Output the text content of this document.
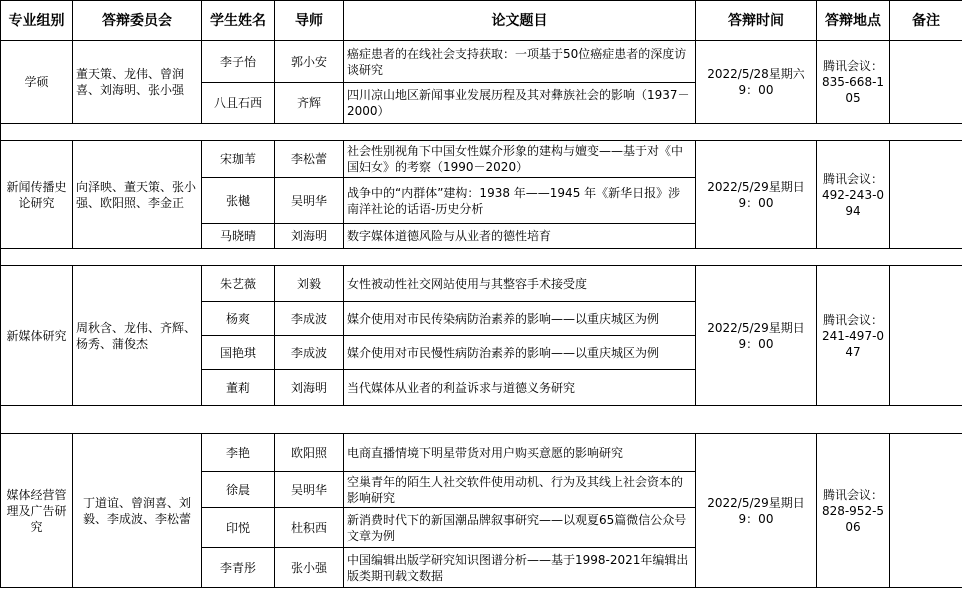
专业组别	答辩委员会	学生姓名	导师	论文题目	答辩时间	答辩地点	备注
学硕	董天策、龙伟、曾润喜、刘海明、张小强	李子怡	郭小安	癌症患者的在线社会支持获取：一项基于50位癌症患者的深度访谈研究	2022/5/28星期六 9：00	腾讯会议：835-668-105	
		八且石西	齐辉	四川凉山地区新闻事业发展历程及其对彝族社会的影响（1937－2000）			

新闻传播史论研究	向泽映、董天策、张小强、欧阳照、李金正	宋珈苇	李松蕾	社会性别视角下中国女性媒介形象的建构与嬗变——基于对《中国妇女》的考察（1990－2020）	2022/5/29星期日 9：00	腾讯会议：492-243-094	
		张樾	吴明华	战争中的“内群体”建构：1938 年——1945 年《新华日报》涉南洋社论的话语-历史分析			
		马晓晴	刘海明	数字媒体道德风险与从业者的德性培育			

新媒体研究	周秋含、龙伟、齐辉、杨秀、蒲俊杰	朱艺薇	刘毅	女性被动性社交网站使用与其整容手术接受度	2022/5/29星期日 9：00	腾讯会议：241-497-047	
		杨爽	李成波	媒介使用对市民传染病防治素养的影响——以重庆城区为例			
		国艳琪	李成波	媒介使用对市民慢性病防治素养的影响——以重庆城区为例			
		董莉	刘海明	当代媒体从业者的利益诉求与道德义务研究			

媒体经营管理及广告研究	丁道谊、曾润喜、刘毅、李成波、李松蕾	李艳	欧阳照	电商直播情境下明星带货对用户购买意愿的影响研究	2022/5/29星期日 9：00	腾讯会议：828-952-506	
		徐晨	吴明华	空巢青年的陌生人社交软件使用动机、行为及其线上社会资本的影响研究			
		印悦	杜积西	新消费时代下的新国潮品牌叙事研究——以观夏65篇微信公众号文章为例			
		李青彤	张小强	中国编辑出版学研究知识图谱分析——基于1998-2021年编辑出版类期刊载文数据			
